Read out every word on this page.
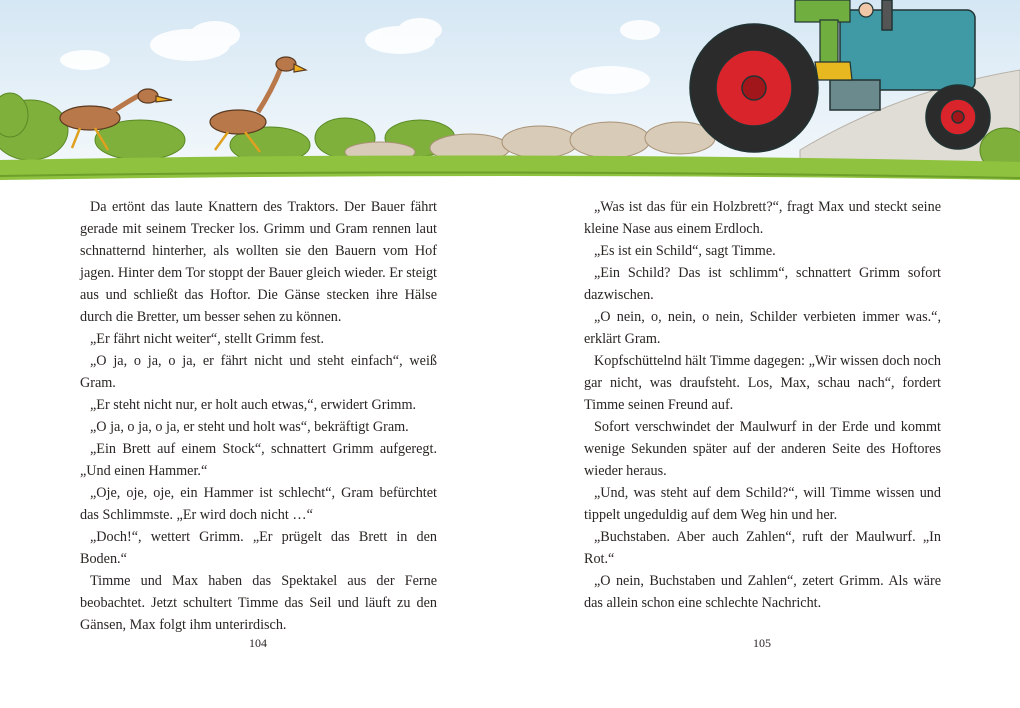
Da ertönt das laute Knattern des Traktors. Der Bauer fährt gerade mit seinem Trecker los. Grimm und Gram rennen laut schnatternd hinterher, als wollten sie den Bauern vom Hof jagen. Hinter dem Tor stoppt der Bauer gleich wieder. Er steigt aus und schließt das Hoftor. Die Gänse stecken ihre Hälse durch die Bretter, um besser sehen zu können.

„Er fährt nicht weiter“, stellt Grimm fest.

„O ja, o ja, o ja, er fährt nicht und steht einfach“, weiß Gram.

„Er steht nicht nur, er holt auch etwas,“, erwidert Grimm.

„O ja, o ja, o ja, er steht und holt was“, bekräftigt Gram.

„Ein Brett auf einem Stock“, schnattert Grimm aufgeregt. „Und einen Hammer.“

„Oje, oje, oje, ein Hammer ist schlecht“, Gram befürchtet das Schlimmste. „Er wird doch nicht …“

„Doch!“, wettert Grimm. „Er prügelt das Brett in den Boden.“

Timme und Max haben das Spektakel aus der Ferne beobachtet. Jetzt schultert Timme das Seil und läuft zu den Gänsen, Max folgt ihm unterirdisch.

„Was ist das für ein Holzbrett?“, fragt Max und steckt seine kleine Nase aus einem Erdloch.

„Es ist ein Schild“, sagt Timme.

„Ein Schild? Das ist schlimm“, schnattert Grimm sofort dazwischen.

„O nein, o, nein, o nein, Schilder verbieten immer was.“, erklärt Gram.

Kopfschüttelnd hält Timme dagegen: „Wir wissen doch noch gar nicht, was draufsteht. Los, Max, schau nach“, fordert Timme seinen Freund auf.

Sofort verschwindet der Maulwurf in der Erde und kommt wenige Sekunden später auf der anderen Seite des Hoftores wieder heraus.

„Und, was steht auf dem Schild?“, will Timme wissen und tippelt ungeduldig auf dem Weg hin und her.

„Buchstaben. Aber auch Zahlen“, ruft der Maulwurf. „In Rot.“

„O nein, Buchstaben und Zahlen“, zetert Grimm. Als wäre das allein schon eine schlechte Nachricht.

104	105
